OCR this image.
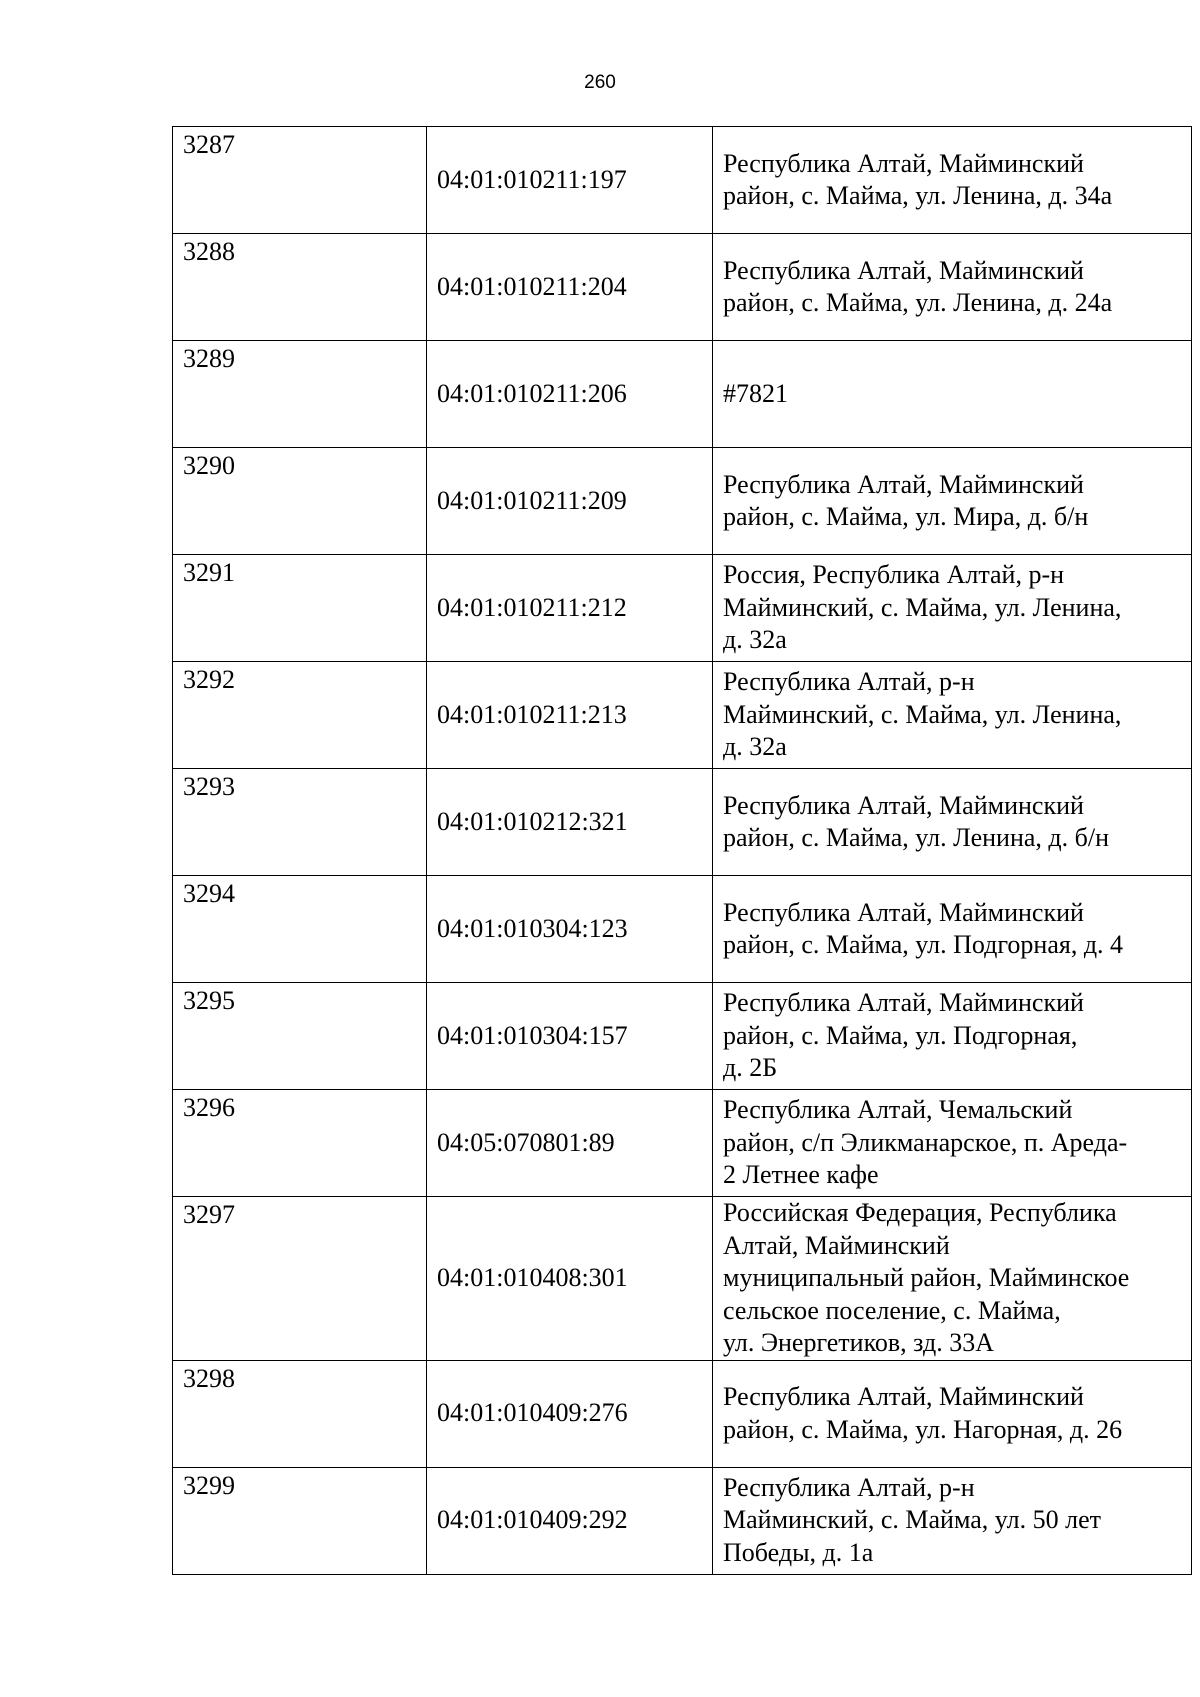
260
3287	04:01:010211:197	Республика Алтай, Майминский
район, с. Майма, ул. Ленина, д. 34а

3288	04:01:010211:204	Республика Алтай, Майминский
район, с. Майма, ул. Ленина, д. 24а

3289	04:01:010211:206	#7821

3290	04:01:010211:209	Республика Алтай, Майминский
район, с. Майма, ул. Мира, д. б/н

3291	04:01:010211:212	Россия, Республика Алтай, р-н
Майминский, с. Майма, ул. Ленина,
д. 32а

3292	04:01:010211:213	Республика Алтай, р-н
Майминский, с. Майма, ул. Ленина,
д. 32а

3293	04:01:010212:321	Республика Алтай, Майминский
район, с. Майма, ул. Ленина, д. б/н

3294	04:01:010304:123	Республика Алтай, Майминский
район, с. Майма, ул. Подгорная, д. 4

3295	04:01:010304:157	Республика Алтай, Майминский
район, с. Майма, ул. Подгорная,
д. 2Б

3296	04:05:070801:89	Республика Алтай, Чемальский
район, с/п Эликманарское, п. Ареда-
2 Летнее кафе

3297	04:01:010408:301	Российская Федерация, Республика
Алтай, Майминский
муниципальный район, Майминское
сельское поселение, с. Майма,
ул. Энергетиков, зд. 33А

3298	04:01:010409:276	Республика Алтай, Майминский
район, с. Майма, ул. Нагорная, д. 26

3299	04:01:010409:292	Республика Алтай, р-н
Майминский, с. Майма, ул. 50 лет
Победы, д. 1а
